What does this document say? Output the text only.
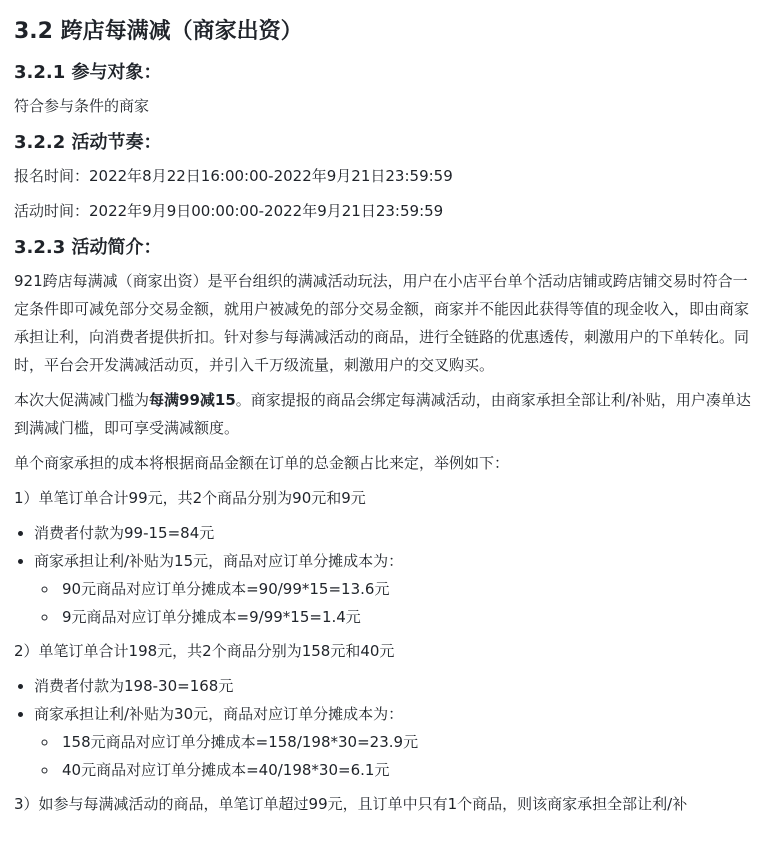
3.2 跨店每满减（商家出资）
3.2.1 参与对象：

符合参与条件的商家

3.2.2 活动节奏：

报名时间：2022年8月22日16:00:00-2022年9月21日23:59:59

活动时间：2022年9月9日00:00:00-2022年9月21日23:59:59

3.2.3 活动简介：

921跨店每满减（商家出资）是平台组织的满减活动玩法，用户在小店平台单个活动店铺或跨店铺交易时符合一定条件即可减免部分交易金额，就用户被减免的部分交易金额，商家并不能因此获得等值的现金收入，即由商家承担让利，向消费者提供折扣。针对参与每满减活动的商品，进行全链路的优惠透传，刺激用户的下单转化。同时，平台会开发满减活动页，并引入千万级流量，刺激用户的交叉购买。

本次大促满减门槛为每满99减15。商家提报的商品会绑定每满减活动，由商家承担全部让利/补贴，用户凑单达到满减门槛，即可享受满减额度。

单个商家承担的成本将根据商品金额在订单的总金额占比来定，举例如下：

1）单笔订单合计99元，共2个商品分别为90元和9元

• 消费者付款为99-15=84元
• 商家承担让利/补贴为15元，商品对应订单分摊成本为：
◦ 90元商品对应订单分摊成本=90/99*15=13.6元
◦ 9元商品对应订单分摊成本=9/99*15=1.4元

2）单笔订单合计198元，共2个商品分别为158元和40元

• 消费者付款为198-30=168元
• 商家承担让利/补贴为30元，商品对应订单分摊成本为：
◦ 158元商品对应订单分摊成本=158/198*30=23.9元
◦ 40元商品对应订单分摊成本=40/198*30=6.1元

3）如参与每满减活动的商品，单笔订单超过99元，且订单中只有1个商品，则该商家承担全部让利/补
